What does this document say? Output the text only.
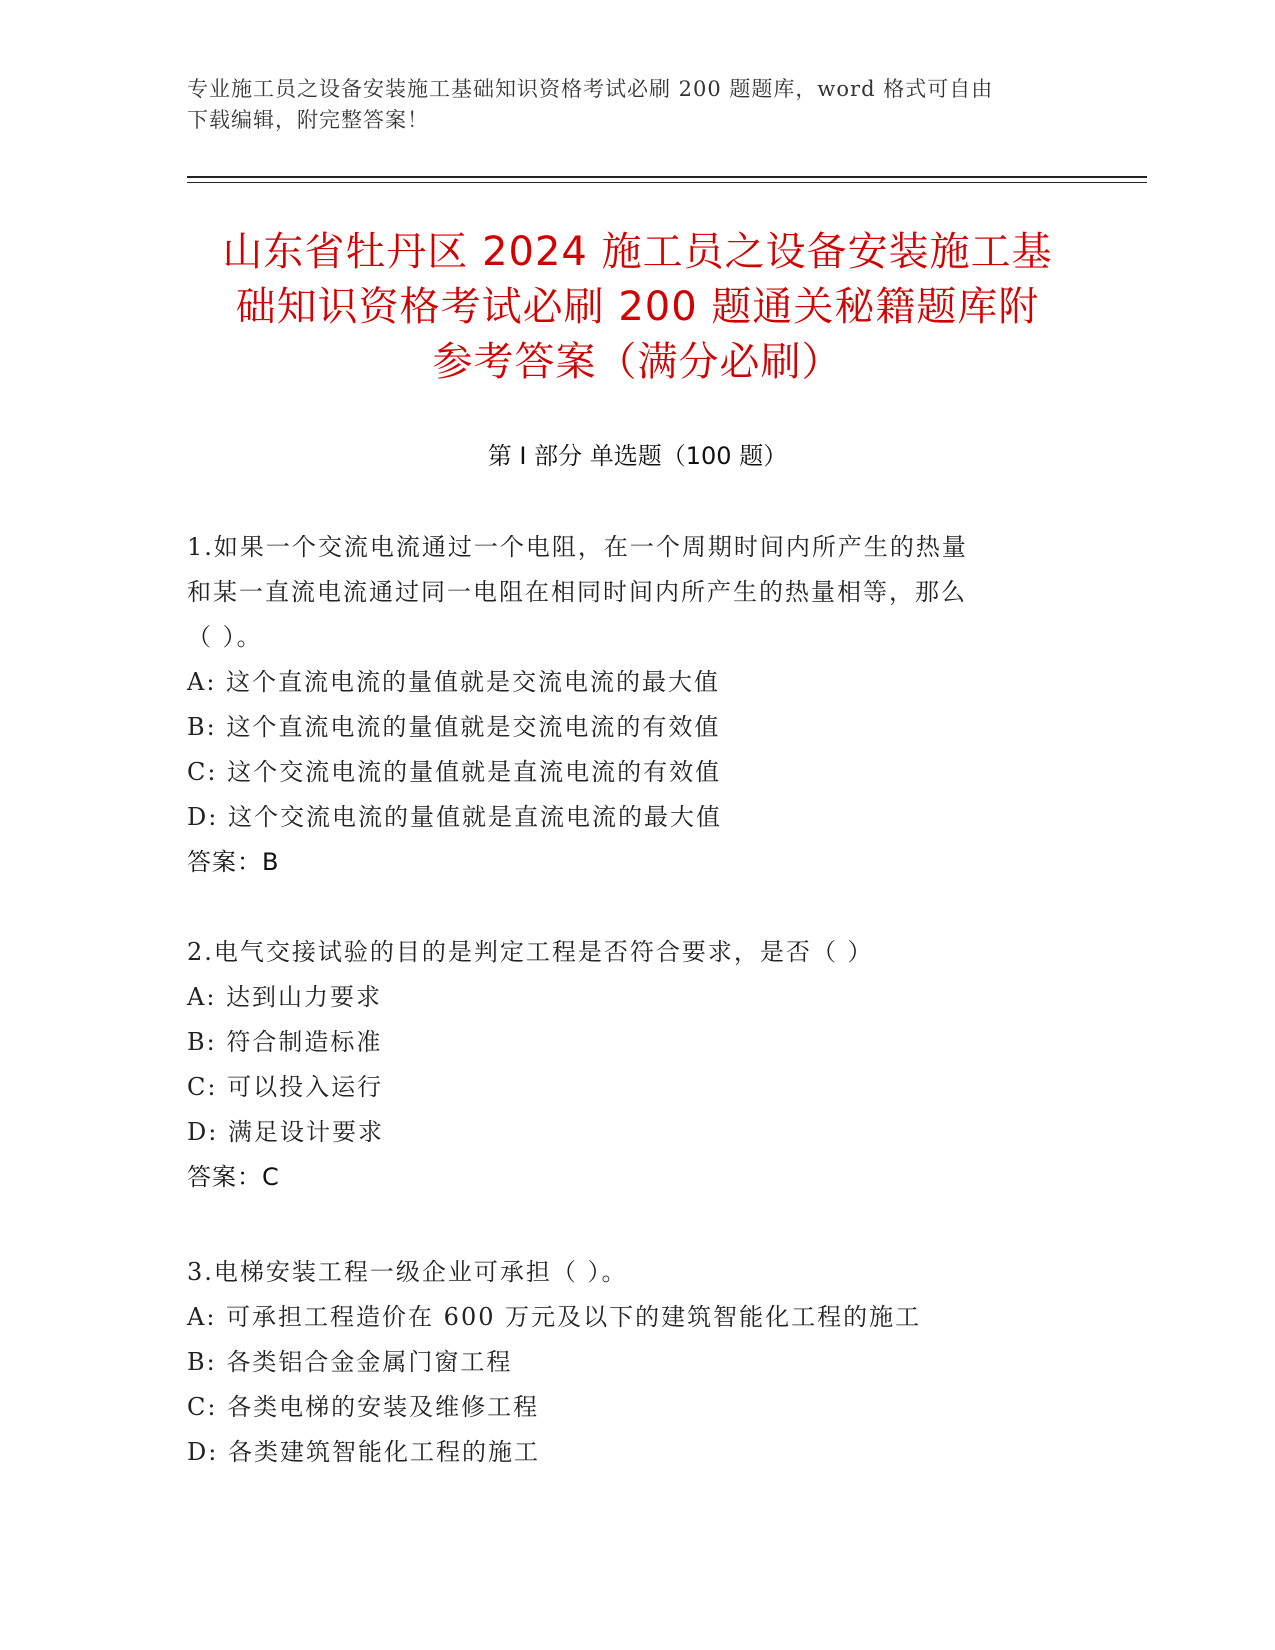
专业施工员之设备安装施工基础知识资格考试必刷 200 题题库，word 格式可自由
下载编辑，附完整答案！
山东省牡丹区 2024 施工员之设备安装施工基
础知识资格考试必刷 200 题通关秘籍题库附
参考答案（满分必刷）
第 I 部分 单选题（100 题）
1.如果一个交流电流通过一个电阻，在一个周期时间内所产生的热量
和某一直流电流通过同一电阻在相同时间内所产生的热量相等，那么
（ ）。
A: 这个直流电流的量值就是交流电流的最大值
B: 这个直流电流的量值就是交流电流的有效值
C: 这个交流电流的量值就是直流电流的有效值
D: 这个交流电流的量值就是直流电流的最大值
答案：B
2.电气交接试验的目的是判定工程是否符合要求，是否（ ）
A: 达到山力要求
B: 符合制造标准
C: 可以投入运行
D: 满足设计要求
答案：C
3.电梯安装工程一级企业可承担（ ）。
A: 可承担工程造价在 600 万元及以下的建筑智能化工程的施工
B: 各类铝合金金属门窗工程
C: 各类电梯的安装及维修工程
D: 各类建筑智能化工程的施工
